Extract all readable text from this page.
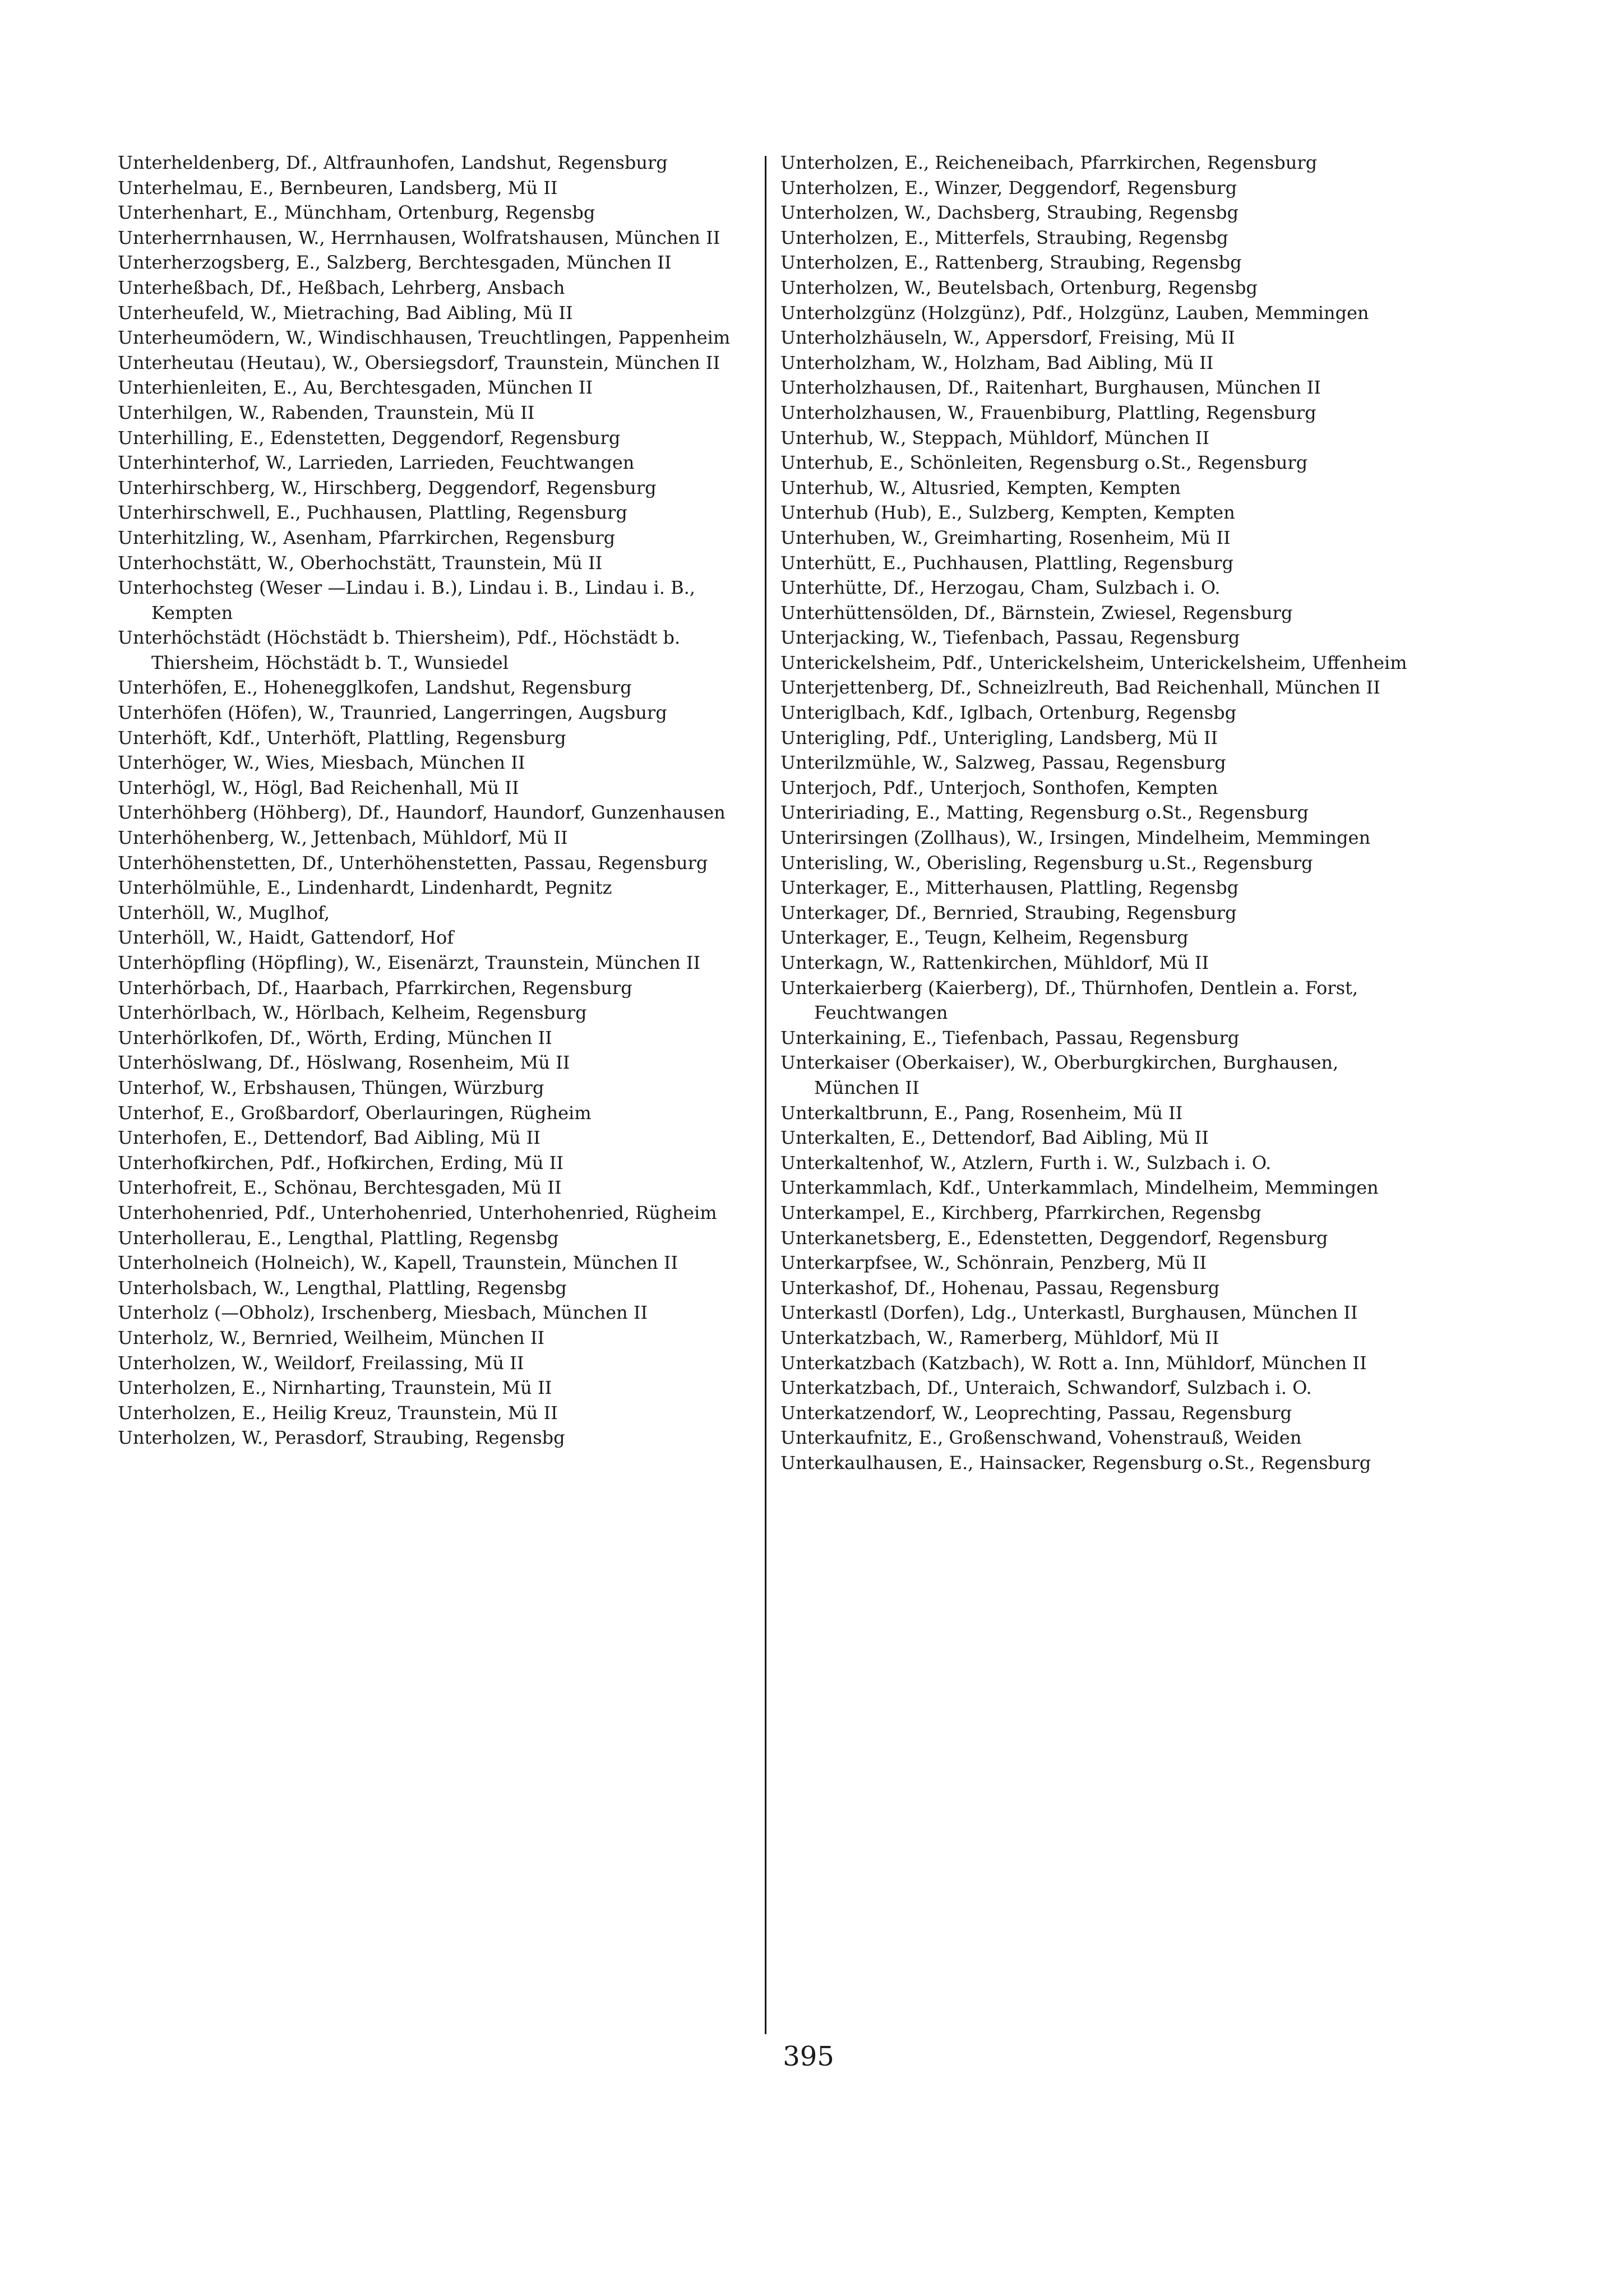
Unterheldenberg, Df., Altfraunhofen, Landshut, Regensburg

Unterhelmau, E., Bernbeuren, Landsberg, Mü II

Unterhenhart, E., Münchham, Ortenburg, Regensbg

Unterherrnhausen, W., Herrnhausen, Wolfratshausen, München II

Unterherzogsberg, E., Salzberg, Berchtesgaden, München II

Unterheßbach, Df., Heßbach, Lehrberg, Ansbach

Unterheufeld, W., Mietraching, Bad Aibling, Mü II

Unterheumödern, W., Windischhausen, Treuchtlingen, Pappenheim

Unterheutau (Heutau), W., Obersiegsdorf, Traunstein, München II

Unterhienleiten, E., Au, Berchtesgaden, München II

Unterhilgen, W., Rabenden, Traunstein, Mü II

Unterhilling, E., Edenstetten, Deggendorf, Regensburg

Unterhinterhof, W., Larrieden, Larrieden, Feuchtwangen

Unterhirschberg, W., Hirschberg, Deggendorf, Regensburg

Unterhirschwell, E., Puchhausen, Plattling, Regensburg

Unterhitzling, W., Asenham, Pfarrkirchen, Regensburg

Unterhochstätt, W., Oberhochstätt, Traunstein, Mü II

Unterhochsteg (Weser —Lindau i. B.), Lindau i. B., Lindau i. B., Kempten

Unterhöchstädt (Höchstädt b. Thiersheim), Pdf., Höchstädt b. Thiersheim, Höchstädt b. T., Wunsiedel

Unterhöfen, E., Hohenegglkofen, Landshut, Regensburg

Unterhöfen (Höfen), W., Traunried, Langerringen, Augsburg

Unterhöft, Kdf., Unterhöft, Plattling, Regensburg

Unterhöger, W., Wies, Miesbach, München II

Unterhögl, W., Högl, Bad Reichenhall, Mü II

Unterhöhberg (Höhberg), Df., Haundorf, Haundorf, Gunzenhausen

Unterhöhenberg, W., Jettenbach, Mühldorf, Mü II

Unterhöhenstetten, Df., Unterhöhenstetten, Passau, Regensburg

Unterhölmühle, E., Lindenhardt, Lindenhardt, Pegnitz

Unterhöll, W., Muglhof,

Unterhöll, W., Haidt, Gattendorf, Hof

Unterhöpfling (Höpfling), W., Eisenärzt, Traunstein, München II

Unterhörbach, Df., Haarbach, Pfarrkirchen, Regensburg

Unterhörlbach, W., Hörlbach, Kelheim, Regensburg

Unterhörlkofen, Df., Wörth, Erding, München II

Unterhöslwang, Df., Höslwang, Rosenheim, Mü II

Unterhof, W., Erbshausen, Thüngen, Würzburg

Unterhof, E., Großbardorf, Oberlauringen, Rügheim

Unterhofen, E., Dettendorf, Bad Aibling, Mü II

Unterhofkirchen, Pdf., Hofkirchen, Erding, Mü II

Unterhofreit, E., Schönau, Berchtesgaden, Mü II

Unterhohenried, Pdf., Unterhohenried, Unterhohenried, Rügheim

Unterhollerau, E., Lengthal, Plattling, Regensbg

Unterholneich (Holneich), W., Kapell, Traunstein, München II

Unterholsbach, W., Lengthal, Plattling, Regensbg

Unterholz (—Obholz), Irschenberg, Miesbach, München II

Unterholz, W., Bernried, Weilheim, München II

Unterholzen, W., Weildorf, Freilassing, Mü II

Unterholzen, E., Nirnharting, Traunstein, Mü II

Unterholzen, E., Heilig Kreuz, Traunstein, Mü II

Unterholzen, W., Perasdorf, Straubing, Regensbg

Unterholzen, E., Reicheneibach, Pfarrkirchen, Regensburg

Unterholzen, E., Winzer, Deggendorf, Regensburg

Unterholzen, W., Dachsberg, Straubing, Regensbg

Unterholzen, E., Mitterfels, Straubing, Regensbg

Unterholzen, E., Rattenberg, Straubing, Regensbg

Unterholzen, W., Beutelsbach, Ortenburg, Regensbg

Unterholzgünz (Holzgünz), Pdf., Holzgünz, Lauben, Memmingen

Unterholzhäuseln, W., Appersdorf, Freising, Mü II

Unterholzham, W., Holzham, Bad Aibling, Mü II

Unterholzhausen, Df., Raitenhart, Burghausen, München II

Unterholzhausen, W., Frauenbiburg, Plattling, Regensburg

Unterhub, W., Steppach, Mühldorf, München II

Unterhub, E., Schönleiten, Regensburg o.St., Regensburg

Unterhub, W., Altusried, Kempten, Kempten

Unterhub (Hub), E., Sulzberg, Kempten, Kempten

Unterhuben, W., Greimharting, Rosenheim, Mü II

Unterhütt, E., Puchhausen, Plattling, Regensburg

Unterhütte, Df., Herzogau, Cham, Sulzbach i. O.

Unterhüttensölden, Df., Bärnstein, Zwiesel, Regensburg

Unterjacking, W., Tiefenbach, Passau, Regensburg

Unterickelsheim, Pdf., Unterickelsheim, Unterickelsheim, Uffenheim

Unterjettenberg, Df., Schneizlreuth, Bad Reichenhall, München II

Unteriglbach, Kdf., Iglbach, Ortenburg, Regensbg

Unterigling, Pdf., Unterigling, Landsberg, Mü II

Unterilzmühle, W., Salzweg, Passau, Regensburg

Unterjoch, Pdf., Unterjoch, Sonthofen, Kempten

Unteririading, E., Matting, Regensburg o.St., Regensburg

Unterirsingen (Zollhaus), W., Irsingen, Mindelheim, Memmingen

Unterisling, W., Oberisling, Regensburg u.St., Regensburg

Unterkager, E., Mitterhausen, Plattling, Regensbg

Unterkager, Df., Bernried, Straubing, Regensburg

Unterkager, E., Teugn, Kelheim, Regensburg

Unterkagn, W., Rattenkirchen, Mühldorf, Mü II

Unterkaierberg (Kaierberg), Df., Thürnhofen, Dentlein a. Forst, Feuchtwangen

Unterkaining, E., Tiefenbach, Passau, Regensburg

Unterkaiser (Oberkaiser), W., Oberburgkirchen, Burghausen, München II

Unterkaltbrunn, E., Pang, Rosenheim, Mü II

Unterkalten, E., Dettendorf, Bad Aibling, Mü II

Unterkaltenhof, W., Atzlern, Furth i. W., Sulzbach i. O.

Unterkammlach, Kdf., Unterkammlach, Mindelheim, Memmingen

Unterkampel, E., Kirchberg, Pfarrkirchen, Regensbg

Unterkanetsberg, E., Edenstetten, Deggendorf, Regensburg

Unterkarpfsee, W., Schönrain, Penzberg, Mü II

Unterkashof, Df., Hohenau, Passau, Regensburg

Unterkastl (Dorfen), Ldg., Unterkastl, Burghausen, München II

Unterkatzbach, W., Ramerberg, Mühldorf, Mü II

Unterkatzbach (Katzbach), W. Rott a. Inn, Mühldorf, München II

Unterkatzbach, Df., Unteraich, Schwandorf, Sulzbach i. O.

Unterkatzendorf, W., Leoprechting, Passau, Regensburg

Unterkaufnitz, E., Großenschwand, Vohenstrauß, Weiden

Unterkaulhausen, E., Hainsacker, Regensburg o.St., Regensburg

395
